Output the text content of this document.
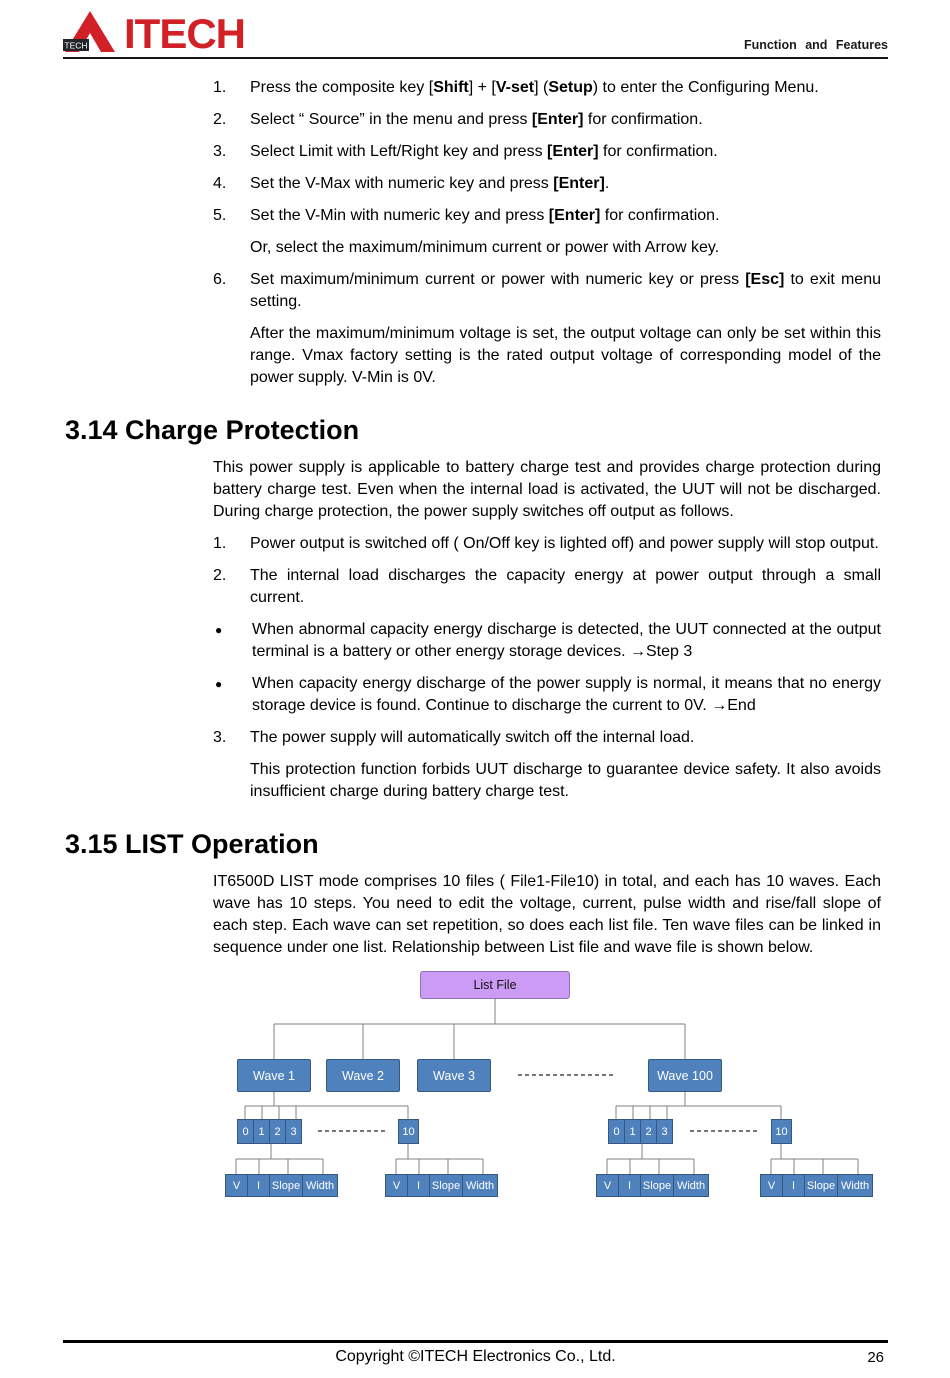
TECH ITECH	Function and Features
1.	Press the composite key [Shift] + [V-set] (Setup) to enter the Configuring Menu.

2.	Select “ Source” in the menu and press [Enter] for confirmation.

3.	Select Limit with Left/Right key and press [Enter] for confirmation.

4.	Set the V-Max with numeric key and press [Enter].

5.	Set the V-Min with numeric key and press [Enter] for confirmation.

Or, select the maximum/minimum current or power with Arrow key.

6.	Set maximum/minimum current or power with numeric key or press [Esc] to exit menu setting.

After the maximum/minimum voltage is set, the output voltage can only be set within this range. Vmax factory setting is the rated output voltage of corresponding model of the power supply. V-Min is 0V.

3.14 Charge Protection

This power supply is applicable to battery charge test and provides charge protection during battery charge test. Even when the internal load is activated, the UUT will not be discharged. During charge protection, the power supply switches off output as follows.

1.	Power output is switched off ( On/Off key is lighted off) and power supply will stop output.

2.	The internal load discharges the capacity energy at power output through a small current.

●	When abnormal capacity energy discharge is detected, the UUT connected at the output terminal is a battery or other energy storage devices. →Step 3

●	When capacity energy discharge of the power supply is normal, it means that no energy storage device is found. Continue to discharge the current to 0V. →End

3.	The power supply will automatically switch off the internal load.

This protection function forbids UUT discharge to guarantee device safety. It also avoids insufficient charge during battery charge test.

3.15 LIST Operation

IT6500D LIST mode comprises 10 files ( File1-File10) in total, and each has 10 waves. Each wave has 10 steps. You need to edit the voltage, current, pulse width and rise/fall slope of each step. Each wave can set repetition, so does each list file. Ten wave files can be linked in sequence under one list. Relationship between List file and wave file is shown below.

List File
Wave 1	Wave 2	Wave 3	Wave 100
0 1 2 3	10	0 1 2 3	10
V	I	Slope Width	V	I	Slope Width	V	I	Slope Width	V	I	Slope Width
Copyright ©ITECH Electronics Co., Ltd.	26
